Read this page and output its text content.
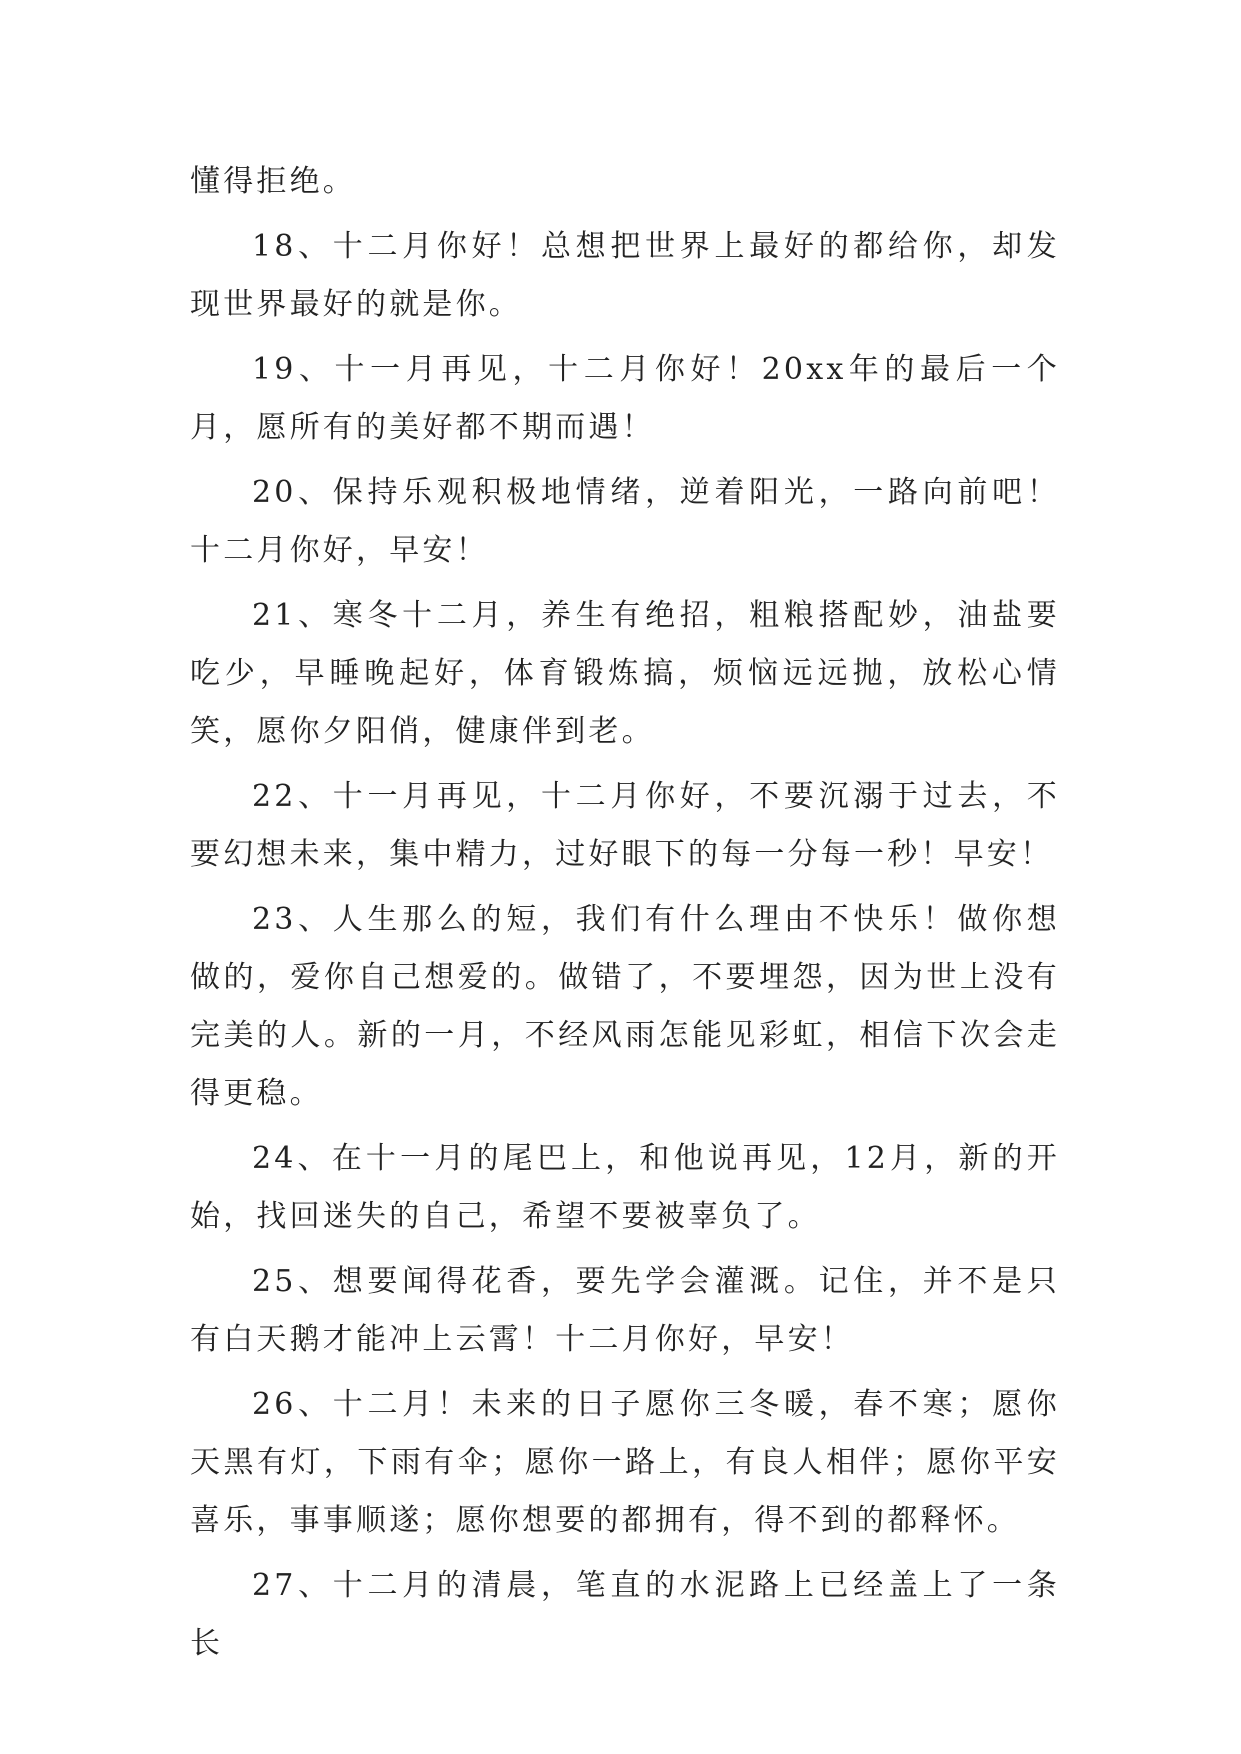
懂得拒绝。

18、十二月你好！总想把世界上最好的都给你，却发现世界最好的就是你。

19、十一月再见，十二月你好！20xx年的最后一个月，愿所有的美好都不期而遇！

20、保持乐观积极地情绪，逆着阳光，一路向前吧！十二月你好，早安！

21、寒冬十二月，养生有绝招，粗粮搭配妙，油盐要吃少，早睡晚起好，体育锻炼搞，烦恼远远抛，放松心情笑，愿你夕阳俏，健康伴到老。

22、十一月再见，十二月你好，不要沉溺于过去，不要幻想未来，集中精力，过好眼下的每一分每一秒！早安！

23、人生那么的短，我们有什么理由不快乐！做你想做的，爱你自己想爱的。做错了，不要埋怨，因为世上没有完美的人。新的一月，不经风雨怎能见彩虹，相信下次会走得更稳。

24、在十一月的尾巴上，和他说再见，12月，新的开始，找回迷失的自己，希望不要被辜负了。

25、想要闻得花香，要先学会灌溉。记住，并不是只有白天鹅才能冲上云霄！十二月你好，早安！

26、十二月！未来的日子愿你三冬暖，春不寒；愿你天黑有灯，下雨有伞；愿你一路上，有良人相伴；愿你平安喜乐，事事顺遂；愿你想要的都拥有，得不到的都释怀。

27、十二月的清晨，笔直的水泥路上已经盖上了一条长
